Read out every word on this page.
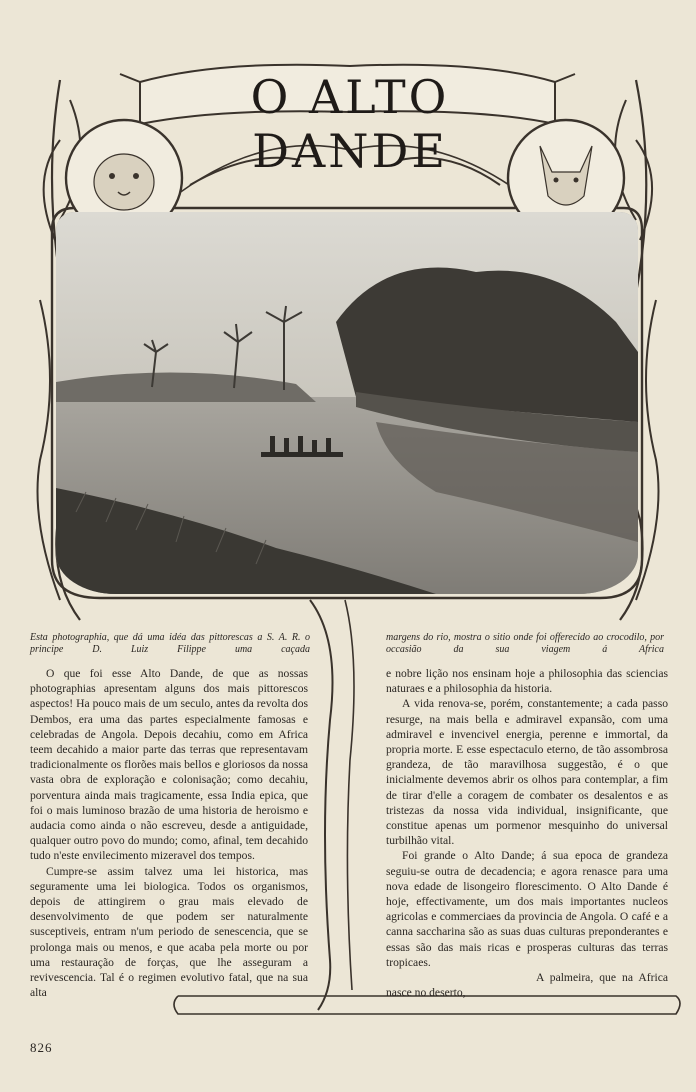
O ALTO DANDE
Esta photographia, que dá uma idéa das pittorescas a S. A. R. o principe D. Luiz Filippe uma caçada
margens do rio, mostra o sitio onde foi offerecido ao crocodilo, por occasião da sua viagem á Africa

O que foi esse Alto Dande, de que as nossas photographias apresentam alguns dos mais pittorescos aspectos! Ha pouco mais de um seculo, antes da revolta dos Dembos, era uma das partes especialmente famosas e celebradas de Angola. Depois decahiu, como em Africa teem decahido a maior parte das terras que representavam tradicionalmente os florões mais bellos e gloriosos da nossa vasta obra de exploração e colonisação; como decahiu, porventura ainda mais tragicamente, essa India epica, que foi o mais luminoso brazão de uma historia de heroismo e audacia como ainda o não escreveu, desde a antiguidade, qualquer outro povo do mundo; como, afinal, tem decahido tudo n'este envilecimento mizeravel dos tempos.

Cumpre-se assim talvez uma lei historica, mas seguramente uma lei biologica. Todos os organismos, depois de attingirem o grau mais elevado de desenvolvimento de que podem ser naturalmente susceptiveis, entram n'um periodo de senescencia, que se prolonga mais ou menos, e que acaba pela morte ou por uma restauração de forças, que lhe asseguram a revivescencia. Tal é o regimen evolutivo fatal, que na sua alta

e nobre lição nos ensinam hoje a philosophia das sciencias naturaes e a philosophia da historia.

A vida renova-se, porém, constantemente; a cada passo resurge, na mais bella e admiravel expansão, com uma admiravel e invencivel energia, perenne e immortal, da propria morte. E esse espectaculo eterno, de tão assombrosa grandeza, de tão maravilhosa suggestão, é o que inicialmente devemos abrir os olhos para contemplar, a fim de tirar d'elle a coragem de combater os desalentos e as tristezas da nossa vida individual, insignificante, que constitue apenas um pormenor mesquinho do universal turbilhão vital.

Foi grande o Alto Dande; á sua epoca de grandeza seguiu-se outra de decadencia; e agora renasce para uma nova edade de lisongeiro florescimento. O Alto Dande é hoje, effectivamente, um dos mais importantes nucleos agricolas e commerciaes da provincia de Angola. O café e a canna saccharina são as suas duas culturas preponderantes e essas são das mais ricas e prosperas culturas das terras tropicaes.

A palmeira, que na Africa nasce no deserto,

826
